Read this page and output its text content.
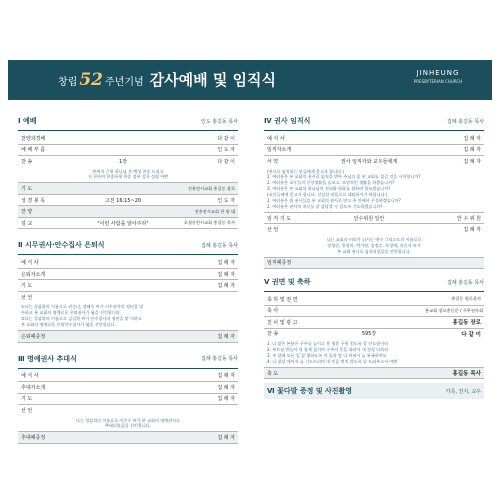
창립 52 주년기념 감사예배 및 임직식	JINHEUNG
PRESBYTERIAN CHURCH
Ⅰ 예배	인도 홍길동 목사
찬양과경배	다 같 이
예 배 부 름	인 도 자
찬 송	1장	다 같 이
만복의 근원 하나님 온 백성 찬송 드리고
저 천사여 찬송하세 찬송 성부 성자 성령 아멘
기 도	진흥전시교회 홍길동 장로
성 경 봉 독	고전 16:15~20	인 도 자
찬 양	진흥전시교회 찬 양 대
설 교	"이런 사람을 알아주라"	초청중전시교회 홍길동 목사
Ⅱ 시무권사·안수집사 은퇴식	집례 홍길동 목사
예 식 사	집 례 자
은퇴자소개	집 례 자
기 도	집 례 자
선 언
①나는 성삼위의 이름으로 권순녀, 장혜숙 씨가 시무권사의 정년을 맞
아하고 본 교회의 명예로운 은퇴권사가 됨을 선언합니다.
②나는 성삼위의 이름으로 김길원 씨가 안수집사의 정년을 맞 이하고
본 교회의 명예로운 은퇴안수집사가 됨을 선언합니다.
은퇴패증정	집 례 자
Ⅲ 명예권사 추대식	집례 홍길동 목사
예 식 사	집 례 자
추대자소개	집 례 자
기 도	집 례 자
선 언
나는 성삼위의 이름으로 이순우 씨가 본 교회의 명예권사로
추대되었음을 선언합니다.
추대패증정	집 례 자
Ⅳ 권사 임직식	집례 홍길동 목사
예 식 사	집 례 자
임직자소개	집 례 자
서 약	권사 임직자와 교우들에게	집 례 자
(권사로 임직하는 분들에게 묻고자 합니다.)
1. 여러분은 본 교회의 권사로 임직을 받아 주님의 몸 된 교회를 섬길 것을 서약합니까?
2. 여러분은 교우들의 신앙생활을 돌보고, 모범적인 생활을 하겠습니까?
3. 여러분은 본 교회의 하나님의 진리와 평화를 위하여 힘쓰겠습니까?
(교인들에게 묻고자 합니다. 신실한 마음으로 대답하시기 바랍니다.)
1. 여러분은 위 권사들을 본 교회의 권사로 받고 주 안에서 존경하겠습니까?
2. 여러분은 권사의 직무를 잘 감당할 수 있도록 기도하겠습니까?
임 직 기 도	안수위원 일안	안 수 위 원
선 언	집 례 자
나는 교회의 머리가 되시는 예수 그리스도의 이름으로
장정순, 홍정미, 박기연, 송정순, 오정애, 유순자 씨가
본 교회 권사로 임직되었음을 선언합니다.
임직패증정
Ⅴ 권면 및 축하	집례 홍길동 목사
축 하 및 권 면	홍길동 원로목사
축 사	본교회 장로총동문 / 시무권사회
친 사 및 광 고	홍길동 장로
찬 송	595장	다 같 이
1. 나 맡은 본분은 구주를 높이고 뭇 영혼 구원 얻도록 잘 인도함이라
2. 부르심 받들어 내 형제 섬기며 구주의 뜻을 따라서 내 정성 다하리
3. 주 앞에 모든 일 잘 행하도록 이 몸과 맘 다 바쳐서 늘 부족하여도
4. 나 항상 깨어서 늘 기도드리며 내 믿음 변치 않도록 날 도와주소서 아멘
축 도	홍길동 목사
Ⅵ 꽃다발 증정 및 사진촬영	가족, 친지, 교우
